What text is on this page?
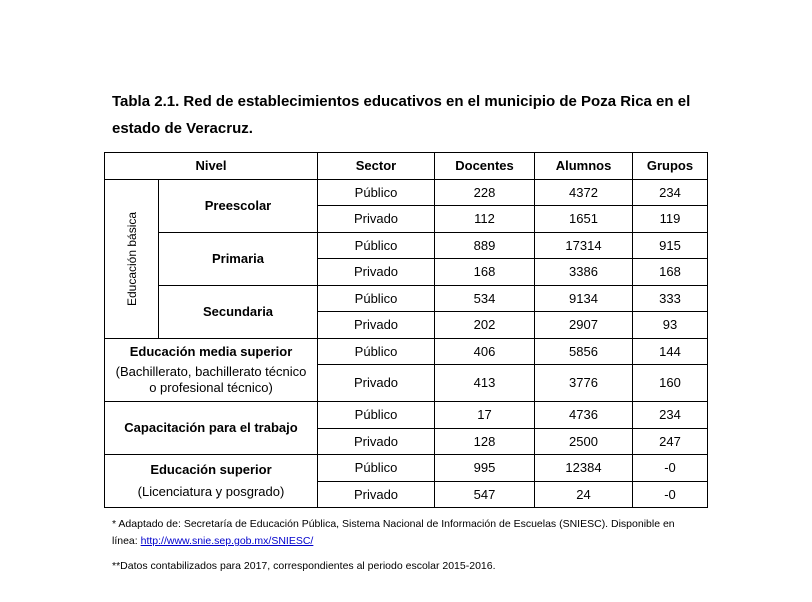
Tabla 2.1. Red de establecimientos educativos en el municipio de Poza Rica en el
estado de Veracruz.
Nivel		Sector	Docentes	Alumnos	Grupos

Educación básica	Preescolar	Público	228	4372	234
		Privado	112	1651	119
	Primaria	Público	889	17314	915
		Privado	168	3386	168
	Secundaria	Público	534	9134	333
		Privado	202	2907	93

Educación media superior
(Bachillerato, bachillerato técnico
o profesional técnico)		Público	406	5856	144
		Privado	413	3776	160
Capacitación para el trabajo		Público	17	4736	234
		Privado	128	2500	247

Educación superior
(Licenciatura y posgrado)		Público	995	12384	-0
		Privado	547	24	-0
* Adaptado de: Secretaría de Educación Pública, Sistema Nacional de Información de Escuelas (SNIESC). Disponible en
línea: http://www.snie.sep.gob.mx/SNIESC/
**Datos contabilizados para 2017, correspondientes al periodo escolar 2015-2016.
